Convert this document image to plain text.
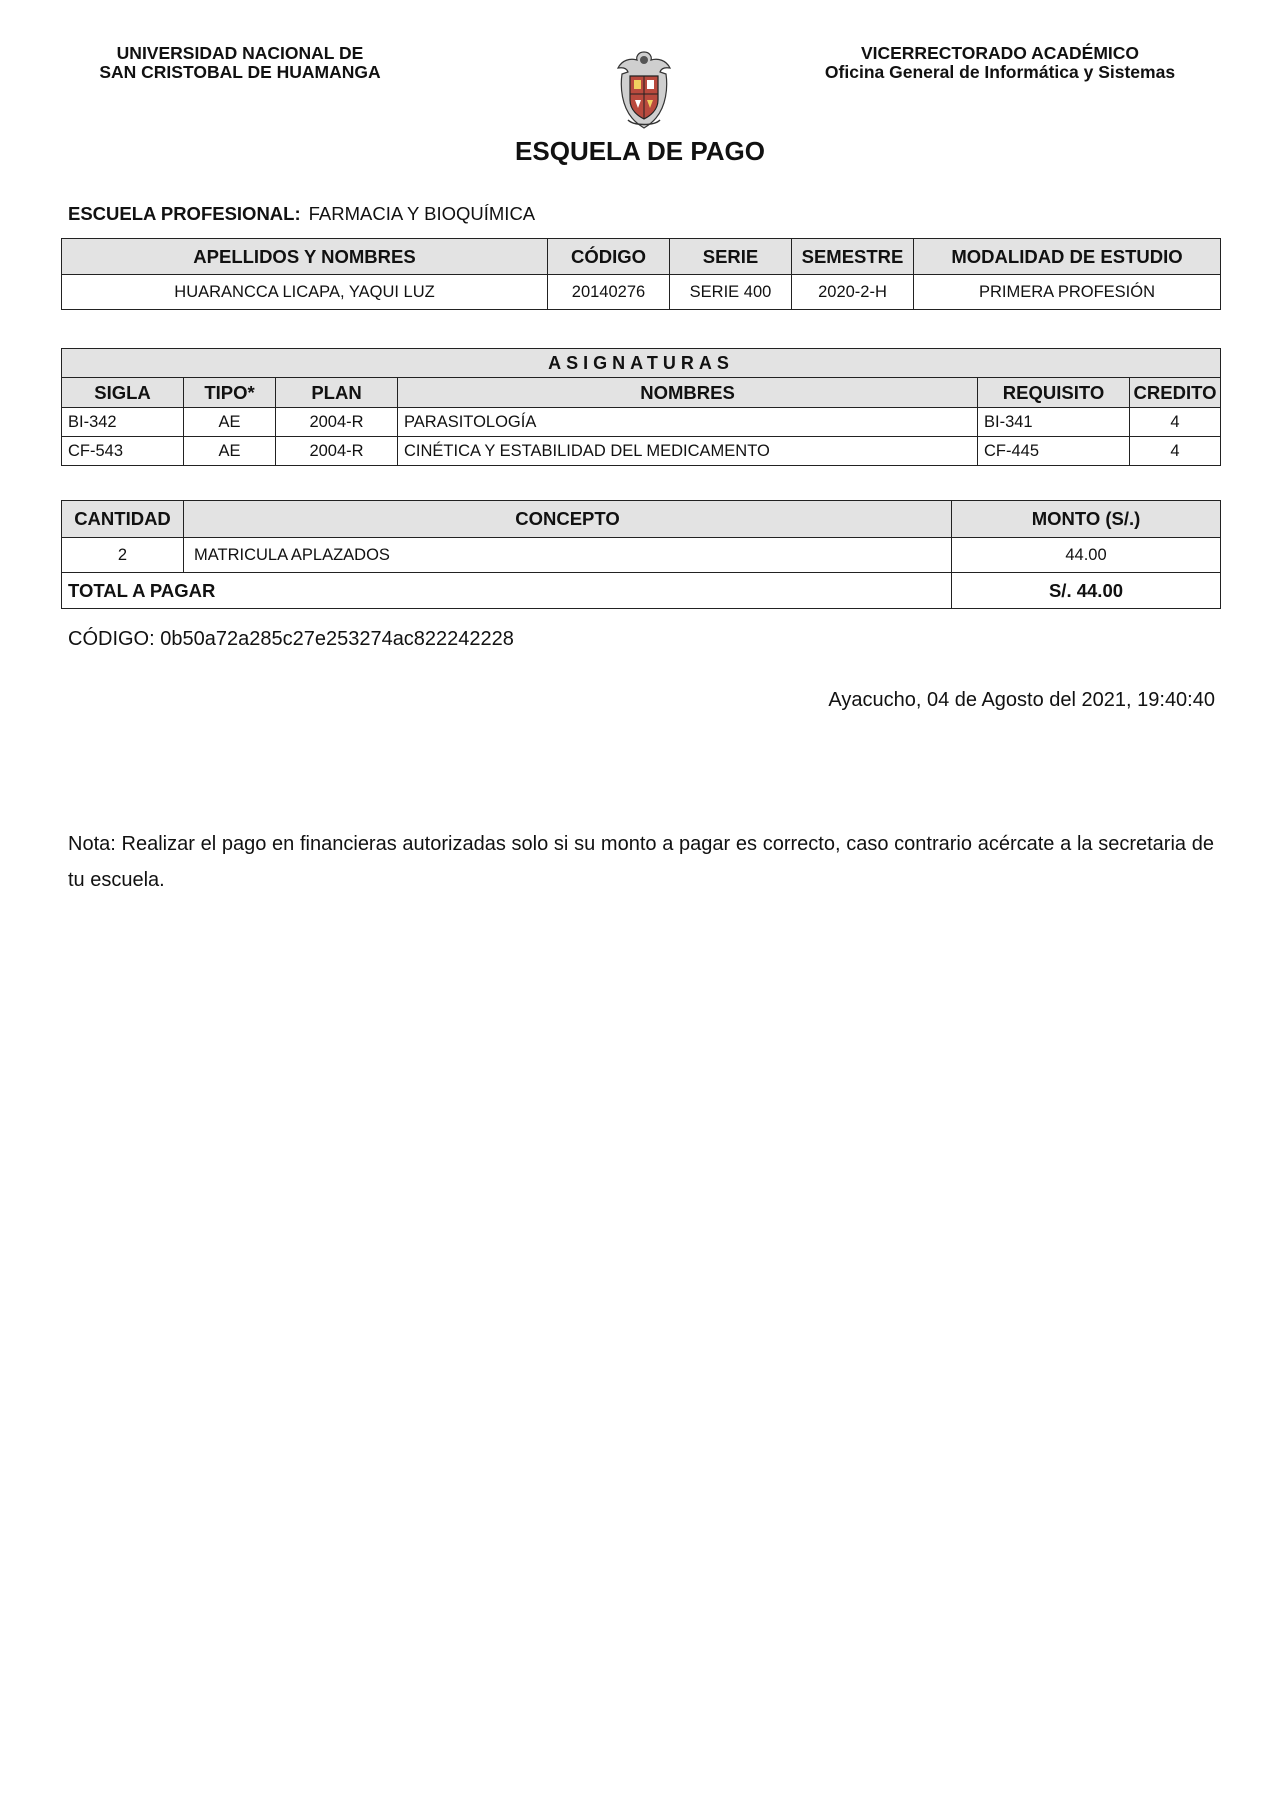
UNIVERSIDAD NACIONAL DE
SAN CRISTOBAL DE HUAMANGA
VICERRECTORADO ACADÉMICO
Oficina General de Informática y Sistemas
ESQUELA DE PAGO
ESCUELA PROFESIONAL: FARMACIA Y BIOQUÍMICA
APELLIDOS Y NOMBRES	CÓDIGO	SERIE	SEMESTRE	MODALIDAD DE ESTUDIO
HUARANCCA LICAPA, YAQUI LUZ	20140276	SERIE 400	2020-2-H	PRIMERA PROFESIÓN
ASIGNATURAS					
SIGLA	TIPO*	PLAN	NOMBRES	REQUISITO	CREDITO
BI-342	AE	2004-R	PARASITOLOGÍA	BI-341	4
CF-543	AE	2004-R	CINÉTICA Y ESTABILIDAD DEL MEDICAMENTO	CF-445	4
CANTIDAD	CONCEPTO	MONTO (S/.)
2	MATRICULA APLAZADOS	44.00
TOTAL A PAGAR		S/. 44.00
CÓDIGO: 0b50a72a285c27e253274ac822242228
Ayacucho, 04 de Agosto del 2021, 19:40:40
Nota: Realizar el pago en financieras autorizadas solo si su monto a pagar es correcto, caso contrario acércate a la secretaria de tu escuela.
